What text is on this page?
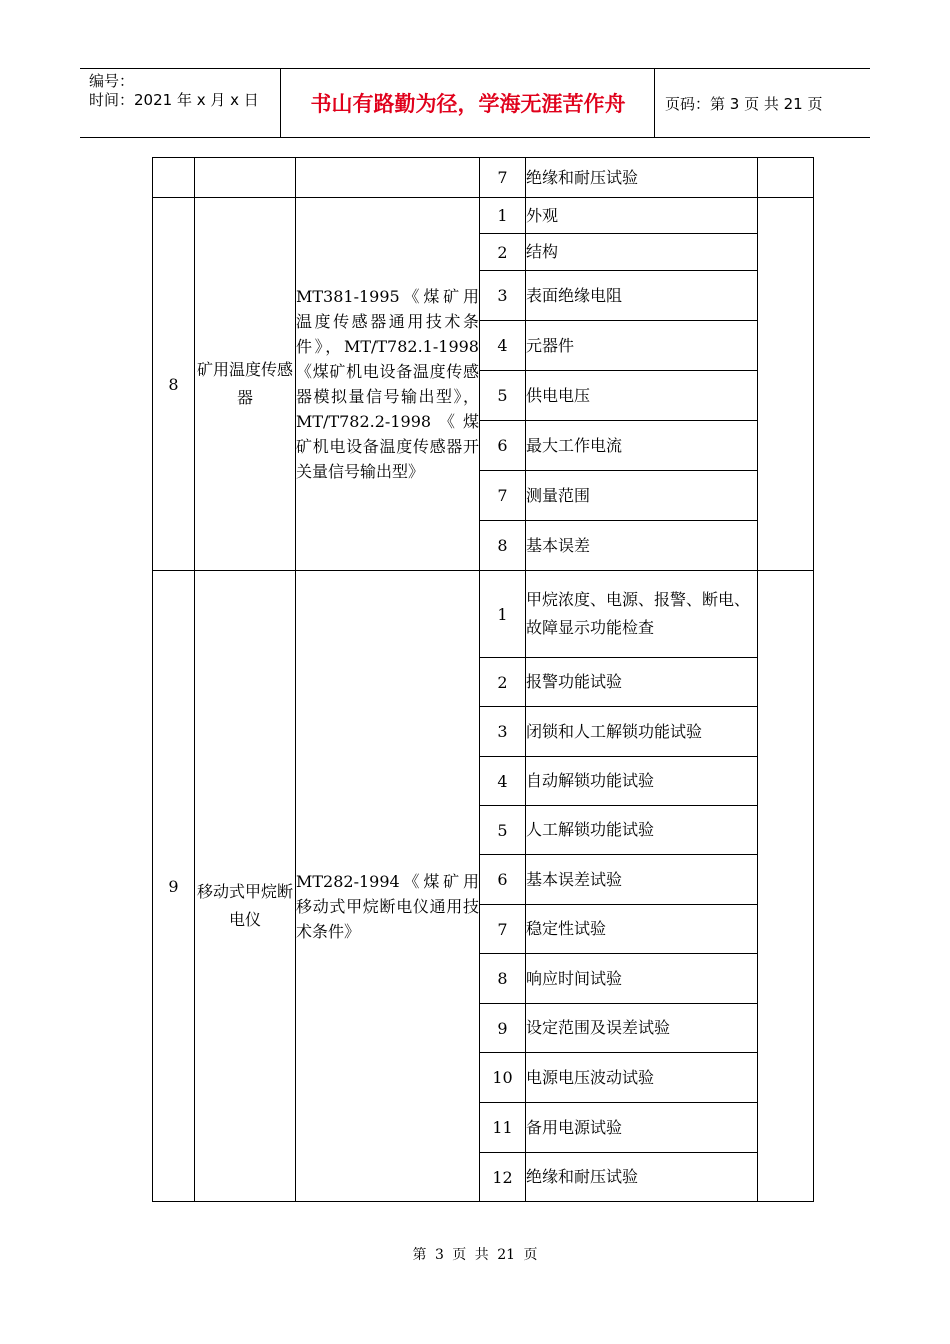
编号：
时间：2021 年 x 月 x 日	书山有路勤为径，学海无涯苦作舟	页码：第 3 页 共 21 页
			7	绝缘和耐压试验	
8	矿用温度传感器	MT381-1995《煤矿用温度传感器通用技术条件》，MT/T782.1-1998《煤矿机电设备温度传感器模拟量信号输出型》，MT/T782.2-1998《煤矿机电设备温度传感器开关量信号输出型》	1	外观	
			2	结构	
			3	表面绝缘电阻	
			4	元器件	
			5	供电电压	
			6	最大工作电流	
			7	测量范围	
			8	基本误差	
9	移动式甲烷断电仪	MT282-1994《煤矿用移动式甲烷断电仪通用技术条件》	1	甲烷浓度、电源、报警、断电、故障显示功能检查	
			2	报警功能试验	
			3	闭锁和人工解锁功能试验	
			4	自动解锁功能试验	
			5	人工解锁功能试验	
			6	基本误差试验	
			7	稳定性试验	
			8	响应时间试验	
			9	设定范围及误差试验	
			10	电源电压波动试验	
			11	备用电源试验	
			12	绝缘和耐压试验	
第 3 页 共 21 页
